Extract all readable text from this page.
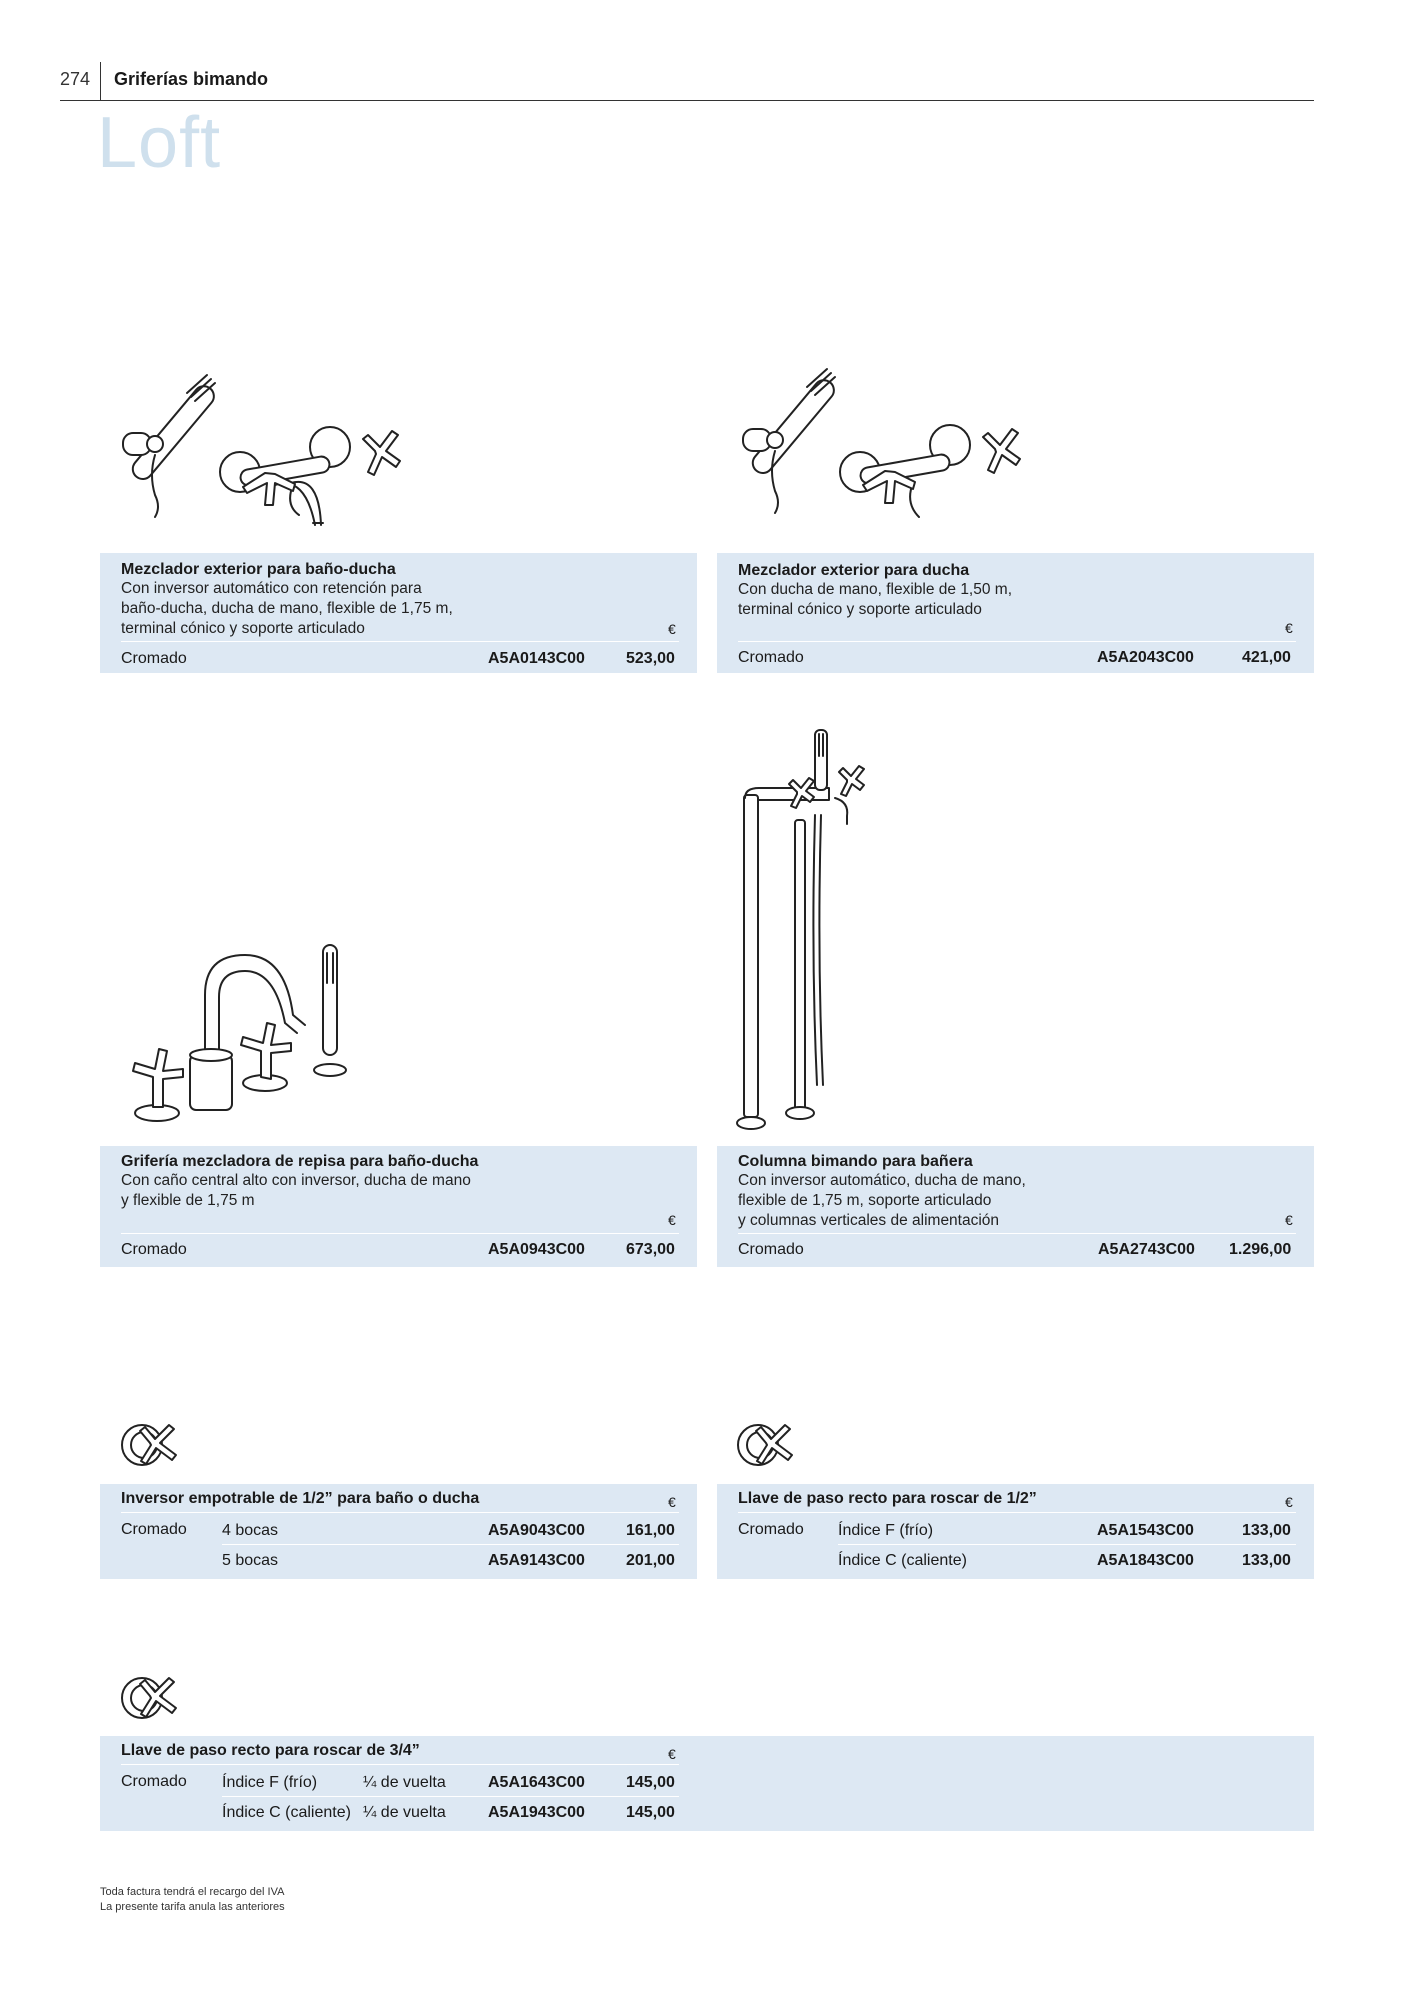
274 Griferías bimando
Loft
Mezclador exterior para baño-ducha
Con inversor automático con retención para
baño-ducha, ducha de mano, flexible de 1,75 m,
terminal cónico y soporte articulado	€
Cromado	A5A0143C00	523,00
Mezclador exterior para ducha
Con ducha de mano, flexible de 1,50 m,
terminal cónico y soporte articulado
€
Cromado	A5A2043C00	421,00
Grifería mezcladora de repisa para baño-ducha
Con caño central alto con inversor, ducha de mano
y flexible de 1,75 m
€
Cromado	A5A0943C00	673,00
Columna bimando para bañera
Con inversor automático, ducha de mano,
flexible de 1,75 m, soporte articulado
y columnas verticales de alimentación	€
Cromado	A5A2743C00 1.296,00
Inversor empotrable de 1/2” para baño o ducha	€
Cromado 4 bocas	A5A9043C00	161,00
5 bocas	A5A9143C00	201,00
Llave de paso recto para roscar de 1/2”	€
Cromado Índice F (frío)	A5A1543C00	133,00
Índice C (caliente)	A5A1843C00	133,00
Llave de paso recto para roscar de 3/4”	€
Cromado Índice F (frío)	¼ de vuelta	A5A1643C00	145,00
Índice C (caliente) ¼ de vuelta	A5A1943C00	145,00
Toda factura tendrá el recargo del IVA
La presente tarifa anula las anteriores
